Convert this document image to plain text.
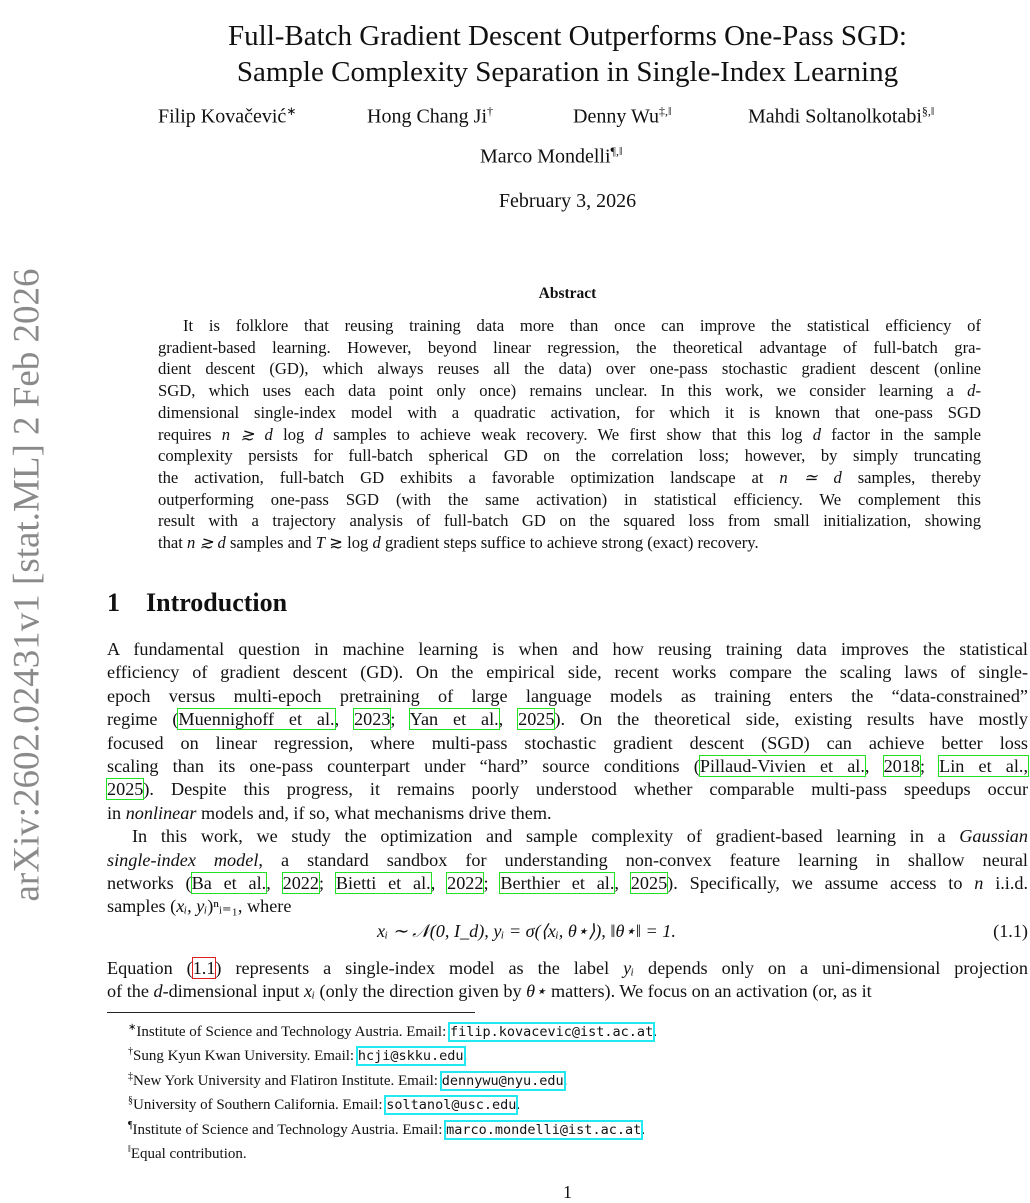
arXiv:2602.02431v1 [stat.ML] 2 Feb 2026
Full-Batch Gradient Descent Outperforms One-Pass SGD:
Sample Complexity Separation in Single-Index Learning
Filip Kovačević∗	Hong Chang Ji†	Denny Wu‡,‖	Mahdi Soltanolkotabi§,‖
Marco Mondelli¶,‖
February 3, 2026
Abstract
It is folklore that reusing training data more than once can improve the statistical efficiency of
gradient-based learning. However, beyond linear regression, the theoretical advantage of full-batch gra-
dient descent (GD), which always reuses all the data) over one-pass stochastic gradient descent (online
SGD, which uses each data point only once) remains unclear. In this work, we consider learning a d-
dimensional single-index model with a quadratic activation, for which it is known that one-pass SGD
requires n ≳ d log d samples to achieve weak recovery. We first show that this log d factor in the sample
complexity persists for full-batch spherical GD on the correlation loss; however, by simply truncating
the activation, full-batch GD exhibits a favorable optimization landscape at n ≃ d samples, thereby
outperforming one-pass SGD (with the same activation) in statistical efficiency. We complement this
result with a trajectory analysis of full-batch GD on the squared loss from small initialization, showing
that n ≳ d samples and T ≳ log d gradient steps suffice to achieve strong (exact) recovery.
1 Introduction
A fundamental question in machine learning is when and how reusing training data improves the statistical
efficiency of gradient descent (GD). On the empirical side, recent works compare the scaling laws of single-
epoch versus multi-epoch pretraining of large language models as training enters the “data-constrained”
regime (Muennighoff et al., 2023; Yan et al., 2025). On the theoretical side, existing results have mostly
focused on linear regression, where multi-pass stochastic gradient descent (SGD) can achieve better loss
scaling than its one-pass counterpart under “hard” source conditions (Pillaud-Vivien et al., 2018; Lin et al.,
2025). Despite this progress, it remains poorly understood whether comparable multi-pass speedups occur
in nonlinear models and, if so, what mechanisms drive them.
In this work, we study the optimization and sample complexity of gradient-based learning in a Gaussian
single-index model, a standard sandbox for understanding non-convex feature learning in shallow neural
networks (Ba et al., 2022; Bietti et al., 2022; Berthier et al., 2025). Specifically, we assume access to n i.i.d.
samples (xᵢ, yᵢ)ⁿᵢ₌₁, where
xᵢ ∼ 𝒩(0, I_d), yᵢ = σ(⟨xᵢ, θ⋆⟩), ‖θ⋆‖ = 1.	(1.1)
Equation (1.1) represents a single-index model as the label yᵢ depends only on a uni-dimensional projection
of the d-dimensional input xᵢ (only the direction given by θ⋆ matters). We focus on an activation (or, as it
∗Institute of Science and Technology Austria. Email: filip.kovacevic@ist.ac.at.
†Sung Kyun Kwan University. Email: hcji@skku.edu.
‡New York University and Flatiron Institute. Email: dennywu@nyu.edu.
§University of Southern California. Email: soltanol@usc.edu.
¶Institute of Science and Technology Austria. Email: marco.mondelli@ist.ac.at.
‖Equal contribution.
1
